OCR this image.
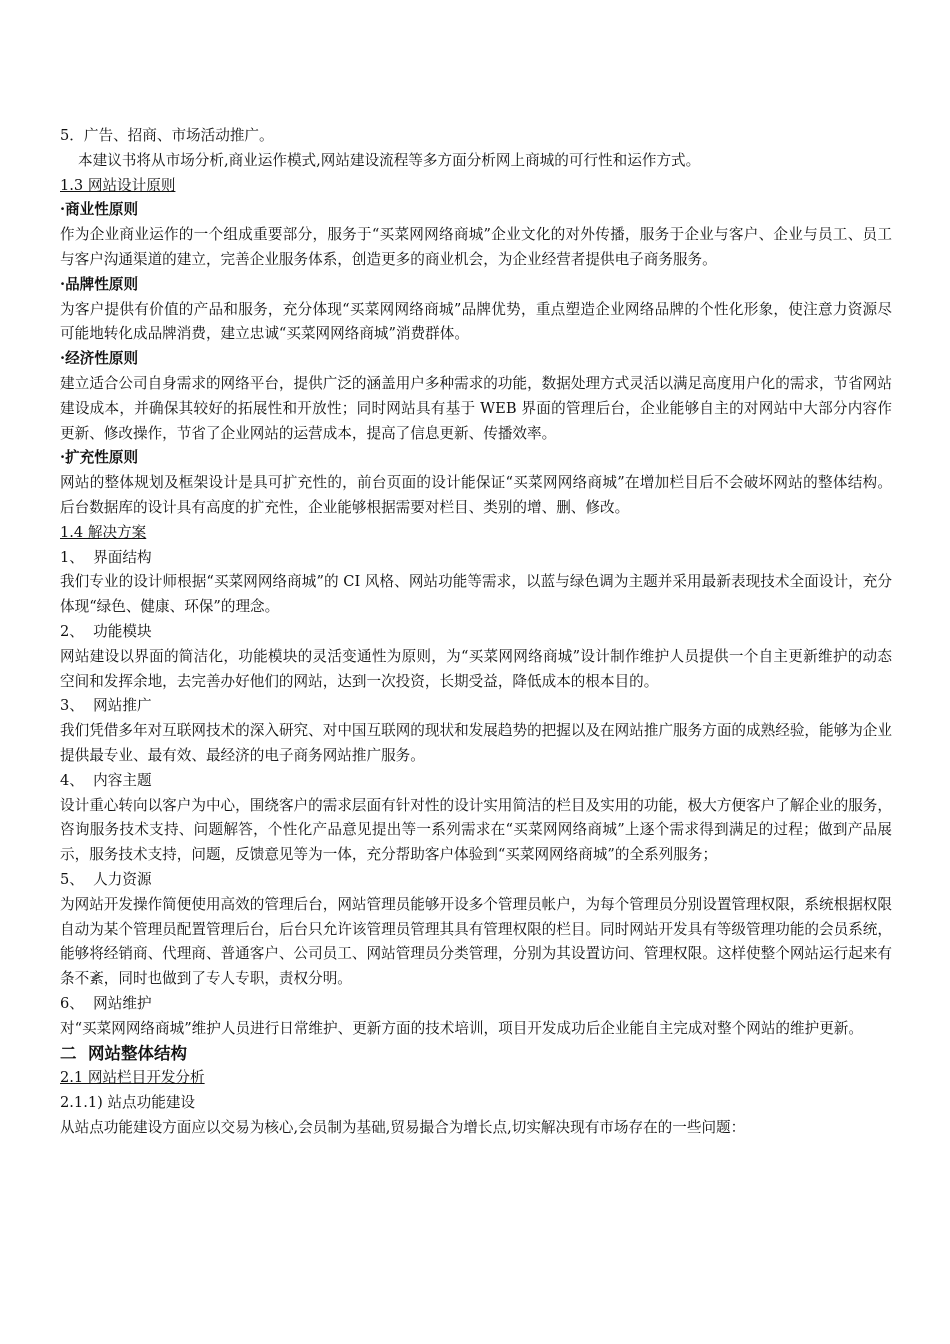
5．广告、招商、市场活动推广。
本建议书将从市场分析,商业运作模式,网站建设流程等多方面分析网上商城的可行性和运作方式。
1.3 网站设计原则
·商业性原则
作为企业商业运作的一个组成重要部分，服务于“买菜网网络商城”企业文化的对外传播，服务于企业与客户、企业与员工、员工与客户沟通渠道的建立，完善企业服务体系，创造更多的商业机会，为企业经营者提供电子商务服务。
·品牌性原则
为客户提供有价值的产品和服务，充分体现“买菜网网络商城”品牌优势，重点塑造企业网络品牌的个性化形象，使注意力资源尽可能地转化成品牌消费，建立忠诚“买菜网网络商城”消费群体。
·经济性原则
建立适合公司自身需求的网络平台，提供广泛的涵盖用户多种需求的功能，数据处理方式灵活以满足高度用户化的需求，节省网站建设成本，并确保其较好的拓展性和开放性；同时网站具有基于 WEB 界面的管理后台，企业能够自主的对网站中大部分内容作更新、修改操作，节省了企业网站的运营成本，提高了信息更新、传播效率。
·扩充性原则
网站的整体规划及框架设计是具可扩充性的，前台页面的设计能保证“买菜网网络商城”在增加栏目后不会破坏网站的整体结构。后台数据库的设计具有高度的扩充性，企业能够根据需要对栏目、类别的增、删、修改。
1.4 解决方案
1、  界面结构
我们专业的设计师根据“买菜网网络商城”的 CI 风格、网站功能等需求，以蓝与绿色调为主题并采用最新表现技术全面设计，充分体现“绿色、健康、环保”的理念。
2、  功能模块
网站建设以界面的简洁化，功能模块的灵活变通性为原则，为“买菜网网络商城”设计制作维护人员提供一个自主更新维护的动态空间和发挥余地，去完善办好他们的网站，达到一次投资，长期受益，降低成本的根本目的。
3、  网站推广
我们凭借多年对互联网技术的深入研究、对中国互联网的现状和发展趋势的把握以及在网站推广服务方面的成熟经验，能够为企业提供最专业、最有效、最经济的电子商务网站推广服务。
4、  内容主题
设计重心转向以客户为中心，围绕客户的需求层面有针对性的设计实用简洁的栏目及实用的功能，极大方便客户了解企业的服务，咨询服务技术支持、问题解答，个性化产品意见提出等一系列需求在“买菜网网络商城”上逐个需求得到满足的过程；做到产品展示，服务技术支持，问题，反馈意见等为一体，充分帮助客户体验到“买菜网网络商城”的全系列服务；
5、  人力资源
为网站开发操作简便使用高效的管理后台，网站管理员能够开设多个管理员帐户，为每个管理员分别设置管理权限，系统根据权限自动为某个管理员配置管理后台，后台只允许该管理员管理其具有管理权限的栏目。同时网站开发具有等级管理功能的会员系统，能够将经销商、代理商、普通客户、公司员工、网站管理员分类管理，分别为其设置访问、管理权限。这样使整个网站运行起来有条不紊，同时也做到了专人专职，责权分明。
6、  网站维护
对“买菜网网络商城”维护人员进行日常维护、更新方面的技术培训，项目开发成功后企业能自主完成对整个网站的维护更新。
二  网站整体结构
2.1 网站栏目开发分析
2.1.1) 站点功能建设
从站点功能建设方面应以交易为核心,会员制为基础,贸易撮合为增长点,切实解决现有市场存在的一些问题：
